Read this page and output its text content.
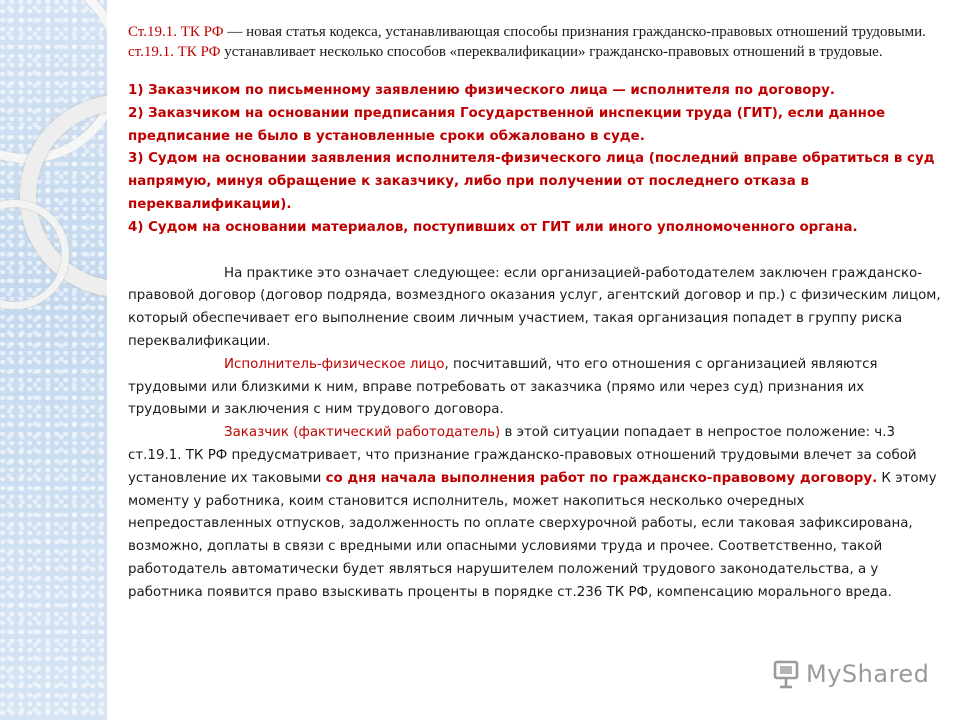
Ст.19.1. ТК РФ — новая статья кодекса, устанавливающая способы признания гражданско-правовых отношений трудовыми.
ст.19.1. ТК РФ устанавливает несколько способов «переквалификации» гражданско-правовых отношений в трудовые.
1) Заказчиком по письменному заявлению физического лица — исполнителя по договору.
2) Заказчиком на основании предписания Государственной инспекции труда (ГИТ), если данное предписание не было в установленные сроки обжаловано в суде.
3) Судом на основании заявления исполнителя-физического лица (последний вправе обратиться в суд напрямую, минуя обращение к заказчику, либо при получении от последнего отказа в переквалификации).
4) Судом на основании материалов, поступивших от ГИТ или иного уполномоченного органа.
На практике это означает следующее: если организацией-работодателем заключен гражданско-правовой договор (договор подряда, возмездного оказания услуг, агентский договор и пр.) с физическим лицом, который обеспечивает его выполнение своим личным участием, такая организация попадет в группу риска переквалификации.
Исполнитель-физическое лицо, посчитавший, что его отношения с организацией являются трудовыми или близкими к ним, вправе потребовать от заказчика (прямо или через суд) признания их трудовыми и заключения с ним трудового договора.
Заказчик (фактический работодатель) в этой ситуации попадает в непростое положение: ч.3 ст.19.1. ТК РФ предусматривает, что признание гражданско-правовых отношений трудовыми влечет за собой установление их таковыми со дня начала выполнения работ по гражданско-правовому договору. К этому моменту у работника, коим становится исполнитель, может накопиться несколько очередных непредоставленных отпусков, задолженность по оплате сверхурочной работы, если таковая зафиксирована, возможно, доплаты в связи с вредными или опасными условиями труда и прочее. Соответственно, такой работодатель автоматически будет являться нарушителем положений трудового законодательства, а у работника появится право взыскивать проценты в порядке ст.236 ТК РФ, компенсацию морального вреда.
MyShared
